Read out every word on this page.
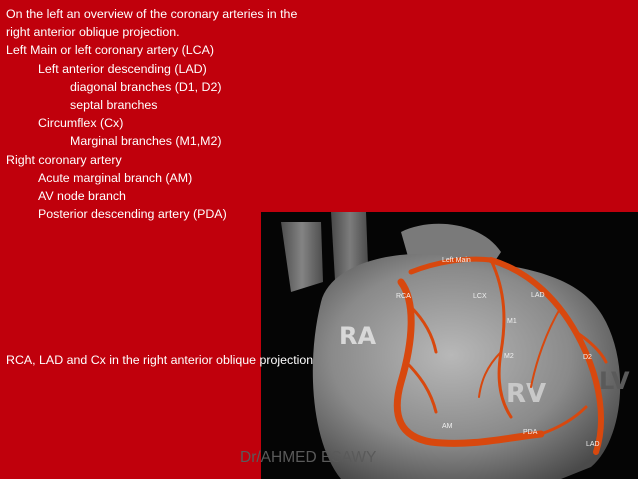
On the left an overview of the coronary arteries in the
right anterior oblique projection.
Left Main or left coronary artery (LCA)
Left anterior descending (LAD)
diagonal branches (D1, D2)
septal branches
Circumflex (Cx)
Marginal branches (M1,M2)
Right coronary artery
Acute marginal branch (AM)
AV node branch
Posterior descending artery (PDA)
RA
RV LV
RCA
Left Main
LCX	LAD
M1
M2	D2
AM
PDA
LAD
RCA, LAD and Cx in the right anterior oblique projection
Dr/AHMED ESAWY
